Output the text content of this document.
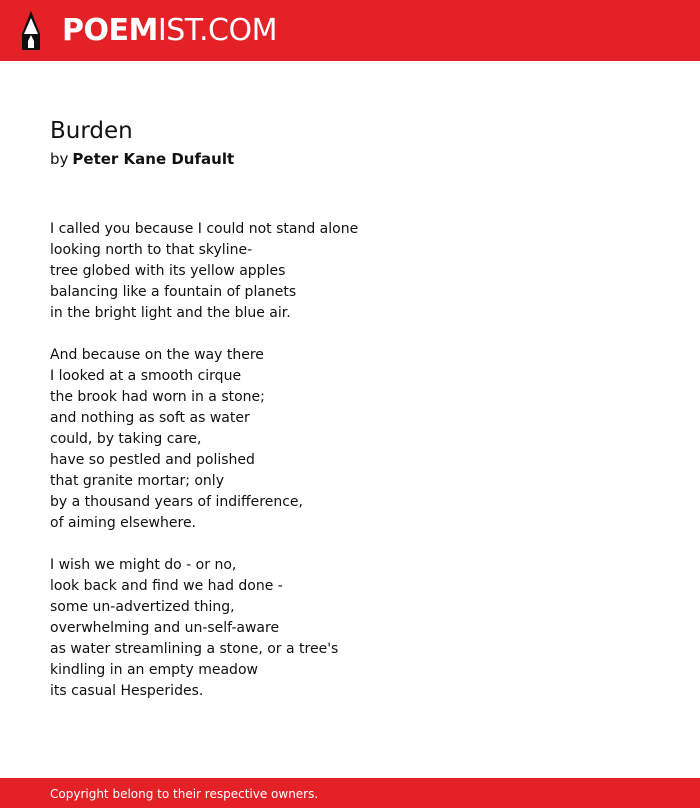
POEMIST.COM
Burden
by Peter Kane Dufault
I called you because I could not stand alone
looking north to that skyline-
tree globed with its yellow apples
balancing like a fountain of planets
in the bright light and the blue air.
And because on the way there
I looked at a smooth cirque
the brook had worn in a stone;
and nothing as soft as water
could, by taking care,
have so pestled and polished
that granite mortar; only
by a thousand years of indifference,
of aiming elsewhere.
I wish we might do - or no,
look back and find we had done -
some un-advertized thing,
overwhelming and un-self-aware
as water streamlining a stone, or a tree's
kindling in an empty meadow
its casual Hesperides.
Copyright belong to their respective owners.
